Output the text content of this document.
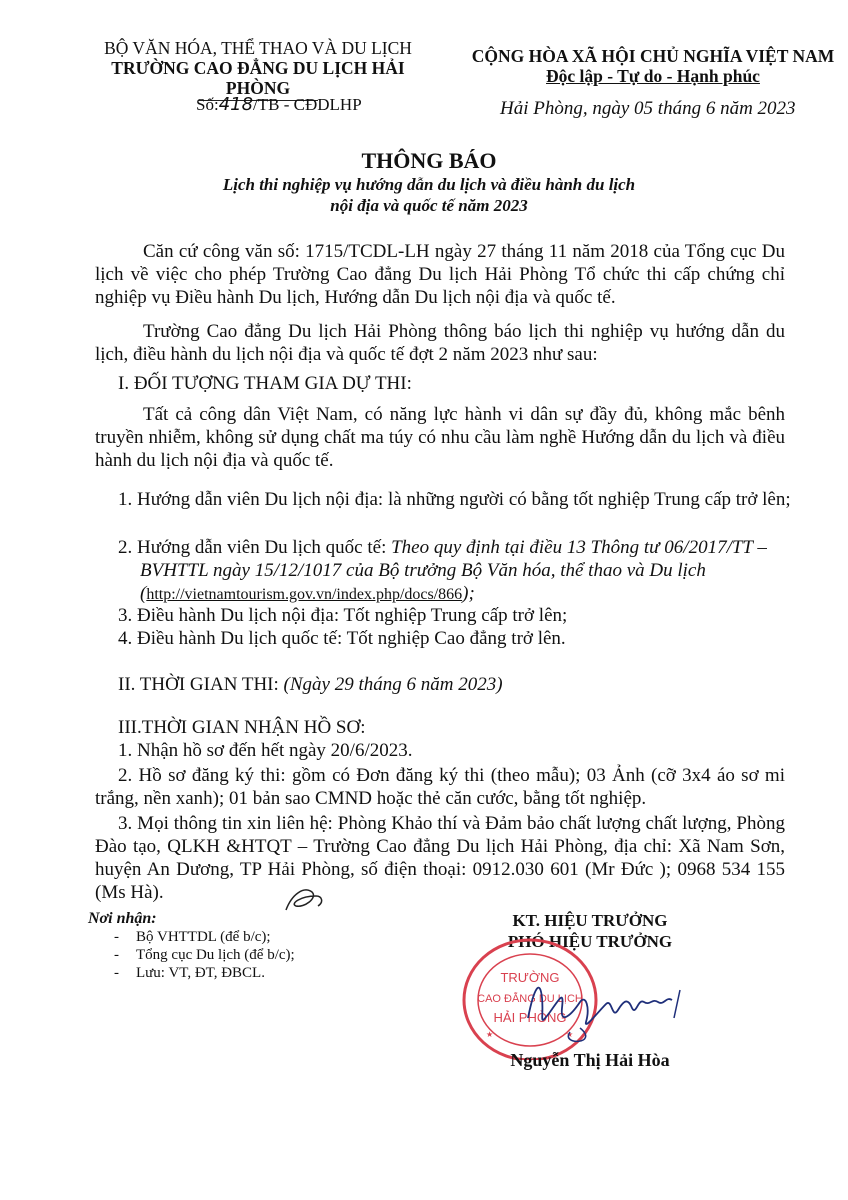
BỘ VĂN HÓA, THỂ THAO VÀ DU LỊCH
TRƯỜNG CAO ĐẲNG DU LỊCH HẢI PHÒNG
CỘNG HÒA XÃ HỘI CHỦ NGHĨA VIỆT NAM
Độc lập - Tự do - Hạnh phúc
Số:418/TB - CĐDLHP	Hải Phòng, ngày 05 tháng 6 năm 2023
THÔNG BÁO
Lịch thi nghiệp vụ hướng dẫn du lịch và điều hành du lịch
nội địa và quốc tế năm 2023
Căn cứ công văn số: 1715/TCDL-LH ngày 27 tháng 11 năm 2018 của Tổng cục Du lịch về việc cho phép Trường Cao đẳng Du lịch Hải Phòng Tổ chức thi cấp chứng chỉ nghiệp vụ Điều hành Du lịch, Hướng dẫn Du lịch nội địa và quốc tế.
Trường Cao đẳng Du lịch Hải Phòng thông báo lịch thi nghiệp vụ hướng dẫn du lịch, điều hành du lịch nội địa và quốc tế đợt 2 năm 2023 như sau:
I. ĐỐI TƯỢNG THAM GIA DỰ THI:
Tất cả công dân Việt Nam, có năng lực hành vi dân sự đầy đủ, không mắc bênh truyền nhiễm, không sử dụng chất ma túy có nhu cầu làm nghề Hướng dẫn du lịch và điều hành du lịch nội địa và quốc tế.
1. Hướng dẫn viên Du lịch nội địa: là những người có bằng tốt nghiệp Trung cấp trở lên;
2. Hướng dẫn viên Du lịch quốc tế: Theo quy định tại điều 13 Thông tư 06/2017/TT –BVHTTL ngày 15/12/1017 của Bộ trưởng Bộ Văn hóa, thể thao và Du lịch (http://vietnamtourism.gov.vn/index.php/docs/866);
3. Điều hành Du lịch nội địa: Tốt nghiệp Trung cấp trở lên;
4. Điều hành Du lịch quốc tế: Tốt nghiệp Cao đẳng trở lên.
II. THỜI GIAN THI: (Ngày 29 tháng 6 năm 2023)
III.THỜI GIAN NHẬN HỒ SƠ:
1. Nhận hồ sơ đến hết ngày 20/6/2023.
2. Hồ sơ đăng ký thi: gồm có Đơn đăng ký thi (theo mẫu); 03 Ảnh (cỡ 3x4 áo sơ mi trắng, nền xanh); 01 bản sao CMND hoặc thẻ căn cước, bằng tốt nghiệp.
3. Mọi thông tin xin liên hệ: Phòng Khảo thí và Đảm bảo chất lượng chất lượng, Phòng Đào tạo, QLKH &HTQT – Trường Cao đẳng Du lịch Hải Phòng, địa chỉ: Xã Nam Sơn, huyện An Dương, TP Hải Phòng, số điện thoại: 0912.030 601 (Mr Đức ); 0968 534 155 (Ms Hà).
Nơi nhận:
- Bộ VHTTDL (để b/c);
- Tổng cục Du lịch (để b/c);
- Lưu: VT, ĐT, ĐBCL.
KT. HIỆU TRƯỞNG
PHÓ HIỆU TRƯỞNG
TRƯỜNG
CAO ĐẲNG DU LỊCH
HẢI PHÒNG
★	★
Nguyễn Thị Hải Hòa
